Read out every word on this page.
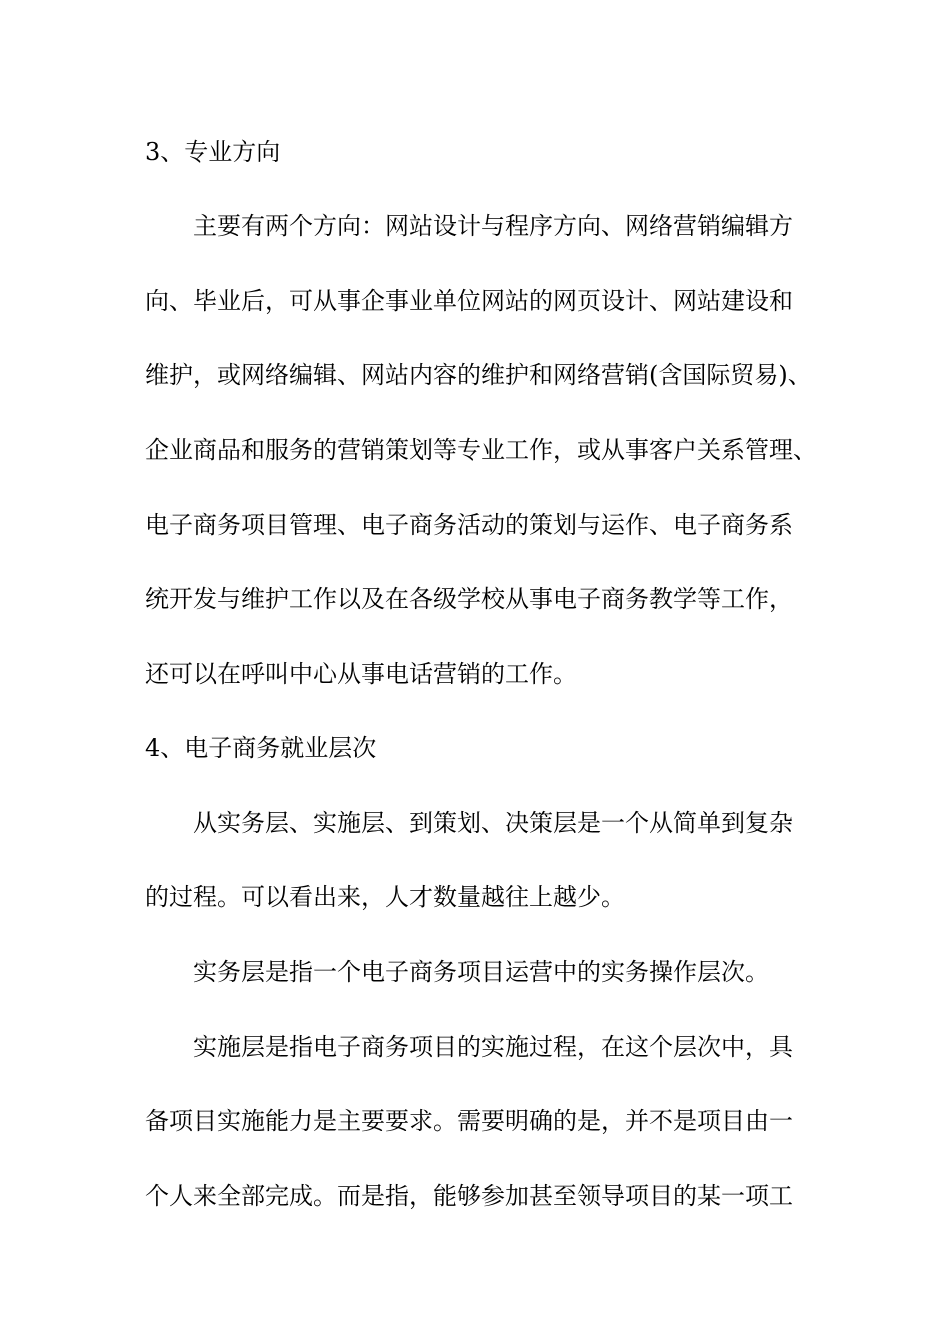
3、专业方向
主要有两个方向：网站设计与程序方向、网络营销编辑方
向、毕业后，可从事企事业单位网站的网页设计、网站建设和
维护，或网络编辑、网站内容的维护和网络营销(含国际贸易)、
企业商品和服务的营销策划等专业工作，或从事客户关系管理、
电子商务项目管理、电子商务活动的策划与运作、电子商务系
统开发与维护工作以及在各级学校从事电子商务教学等工作，
还可以在呼叫中心从事电话营销的工作。
4、电子商务就业层次
从实务层、实施层、到策划、决策层是一个从简单到复杂
的过程。可以看出来，人才数量越往上越少。
实务层是指一个电子商务项目运营中的实务操作层次。
实施层是指电子商务项目的实施过程，在这个层次中，具
备项目实施能力是主要要求。需要明确的是，并不是项目由一
个人来全部完成。而是指，能够参加甚至领导项目的某一项工
